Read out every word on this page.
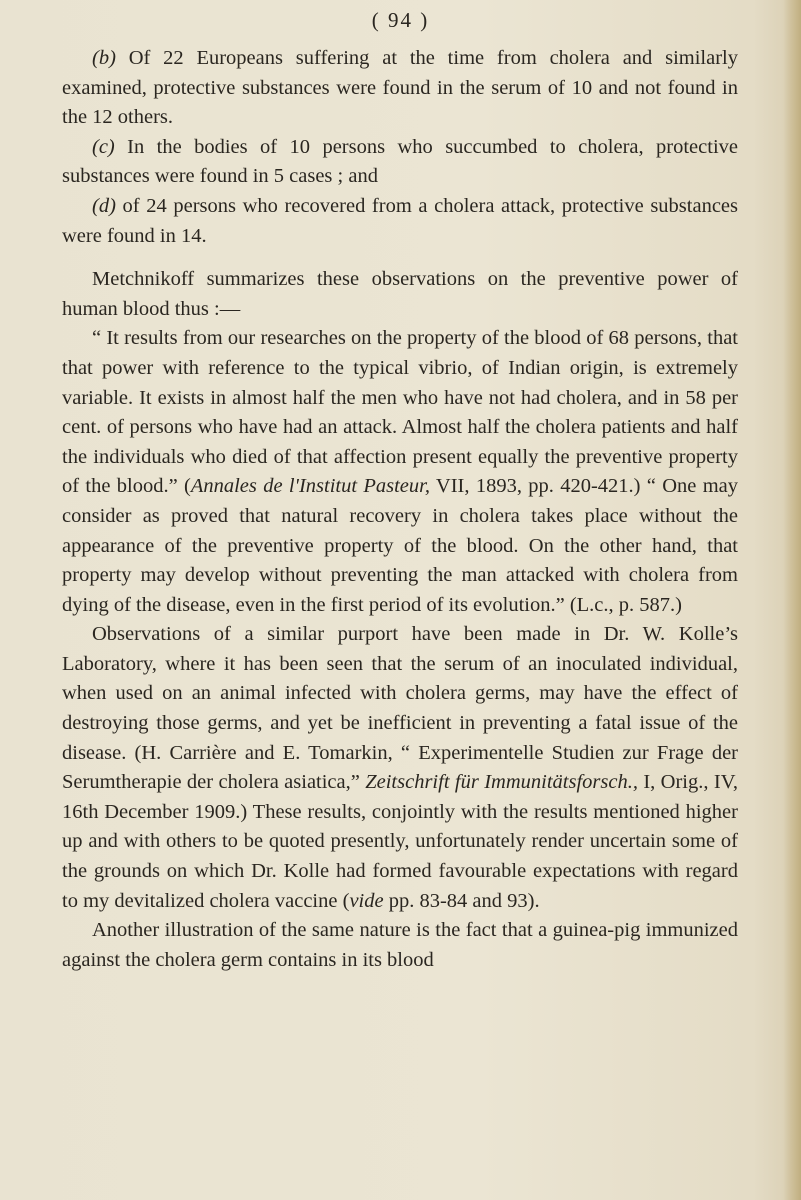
( 94 )

(b) Of 22 Europeans suffering at the time from cholera and similarly examined, protective substances were found in the serum of 10 and not found in the 12 others.

(c) In the bodies of 10 persons who succumbed to cholera, protective substances were found in 5 cases ; and

(d) of 24 persons who recovered from a cholera attack, protective substances were found in 14.

Metchnikoff summarizes these observations on the preventive power of human blood thus :—

“ It results from our researches on the property of the blood of 68 persons, that that power with reference to the typical vibrio, of Indian origin, is extremely variable. It exists in almost half the men who have not had cholera, and in 58 per cent. of persons who have had an attack. Almost half the cholera patients and half the individuals who died of that affection present equally the preventive property of the blood.” (Annales de l'Institut Pasteur, VII, 1893, pp. 420-421.) “ One may consider as proved that natural recovery in cholera takes place without the appearance of the preventive property of the blood. On the other hand, that property may develop without preventing the man attacked with cholera from dying of the disease, even in the first period of its evolution.” (L.c., p. 587.)

Observations of a similar purport have been made in Dr. W. Kolle’s Laboratory, where it has been seen that the serum of an inoculated individual, when used on an animal infected with cholera germs, may have the effect of destroying those germs, and yet be inefficient in preventing a fatal issue of the disease. (H. Carrière and E. Tomarkin, “ Experimentelle Studien zur Frage der Serumtherapie der cholera asiatica,” Zeitschrift für Immunitätsforsch., I, Orig., IV, 16th December 1909.) These results, conjointly with the results mentioned higher up and with others to be quoted presently, unfortunately render uncertain some of the grounds on which Dr. Kolle had formed favourable expectations with regard to my devitalized cholera vaccine (vide pp. 83-84 and 93).

Another illustration of the same nature is the fact that a guinea-pig immunized against the cholera germ contains in its blood
